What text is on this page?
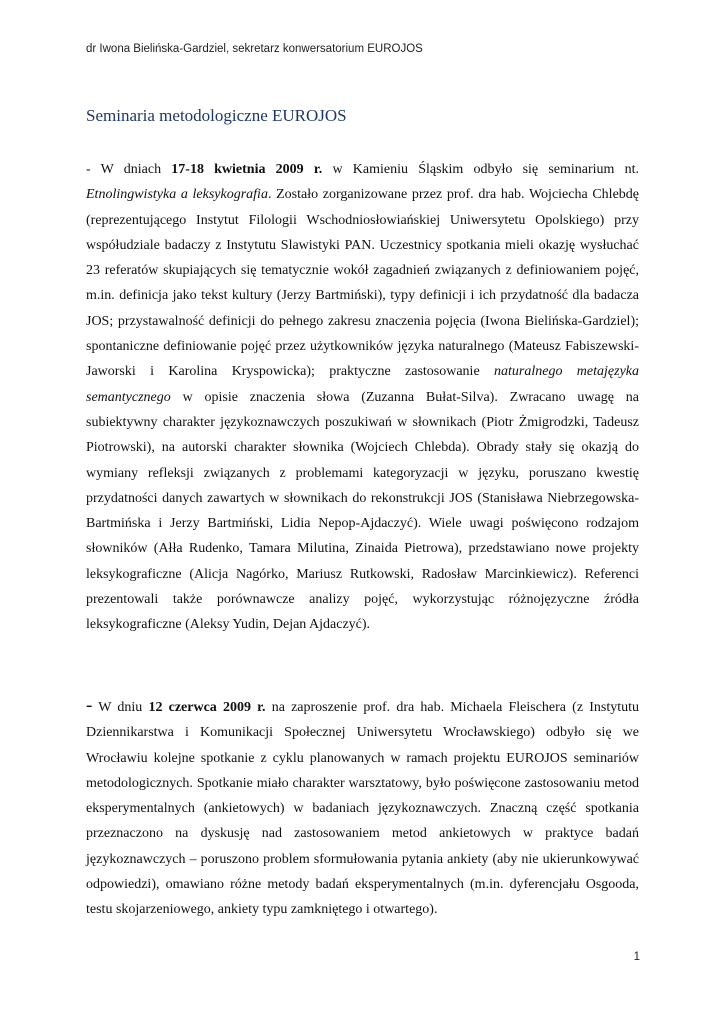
dr Iwona Bielińska-Gardziel, sekretarz konwersatorium EUROJOS
Seminaria metodologiczne EUROJOS

- W dniach 17-18 kwietnia 2009 r. w Kamieniu Śląskim odbyło się seminarium nt. Etnolingwistyka a leksykografia. Zostało zorganizowane przez prof. dra hab. Wojciecha Chlebdę (reprezentującego Instytut Filologii Wschodniosłowiańskiej Uniwersytetu Opolskiego) przy współudziale badaczy z Instytutu Slawistyki PAN. Uczestnicy spotkania mieli okazję wysłuchać 23 referatów skupiających się tematycznie wokół zagadnień związanych z definiowaniem pojęć, m.in. definicja jako tekst kultury (Jerzy Bartmiński), typy definicji i ich przydatność dla badacza JOS; przystawalność definicji do pełnego zakresu znaczenia pojęcia (Iwona Bielińska-Gardziel); spontaniczne definiowanie pojęć przez użytkowników języka naturalnego (Mateusz Fabiszewski-Jaworski i Karolina Kryspowicka); praktyczne zastosowanie naturalnego metajęzyka semantycznego w opisie znaczenia słowa (Zuzanna Bułat-Silva). Zwracano uwagę na subiektywny charakter językoznawczych poszukiwań w słownikach (Piotr Żmigrodzki, Tadeusz Piotrowski), na autorski charakter słownika (Wojciech Chlebda). Obrady stały się okazją do wymiany refleksji związanych z problemami kategoryzacji w języku, poruszano kwestię przydatności danych zawartych w słownikach do rekonstrukcji JOS (Stanisława Niebrzegowska-Bartmińska i Jerzy Bartmiński, Lidia Nepop-Ajdaczyć). Wiele uwagi poświęcono rodzajom słowników (Ałła Rudenko, Tamara Milutina, Zinaida Pietrowa), przedstawiano nowe projekty leksykograficzne (Alicja Nagórko, Mariusz Rutkowski, Radosław Marcinkiewicz). Referenci prezentowali także porównawcze analizy pojęć, wykorzystując różnojęzyczne źródła leksykograficzne (Aleksy Yudin, Dejan Ajdaczyć).

- W dniu 12 czerwca 2009 r. na zaproszenie prof. dra hab. Michaela Fleischera (z Instytutu Dziennikarstwa i Komunikacji Społecznej Uniwersytetu Wrocławskiego) odbyło się we Wrocławiu kolejne spotkanie z cyklu planowanych w ramach projektu EUROJOS seminariów metodologicznych. Spotkanie miało charakter warsztatowy, było poświęcone zastosowaniu metod eksperymentalnych (ankietowych) w badaniach językoznawczych. Znaczną część spotkania przeznaczono na dyskusję nad zastosowaniem metod ankietowych w praktyce badań językoznawczych – poruszono problem sformułowania pytania ankiety (aby nie ukierunkowywać odpowiedzi), omawiano różne metody badań eksperymentalnych (m.in. dyferencjału Osgooda, testu skojarzeniowego, ankiety typu zamkniętego i otwartego).

1
